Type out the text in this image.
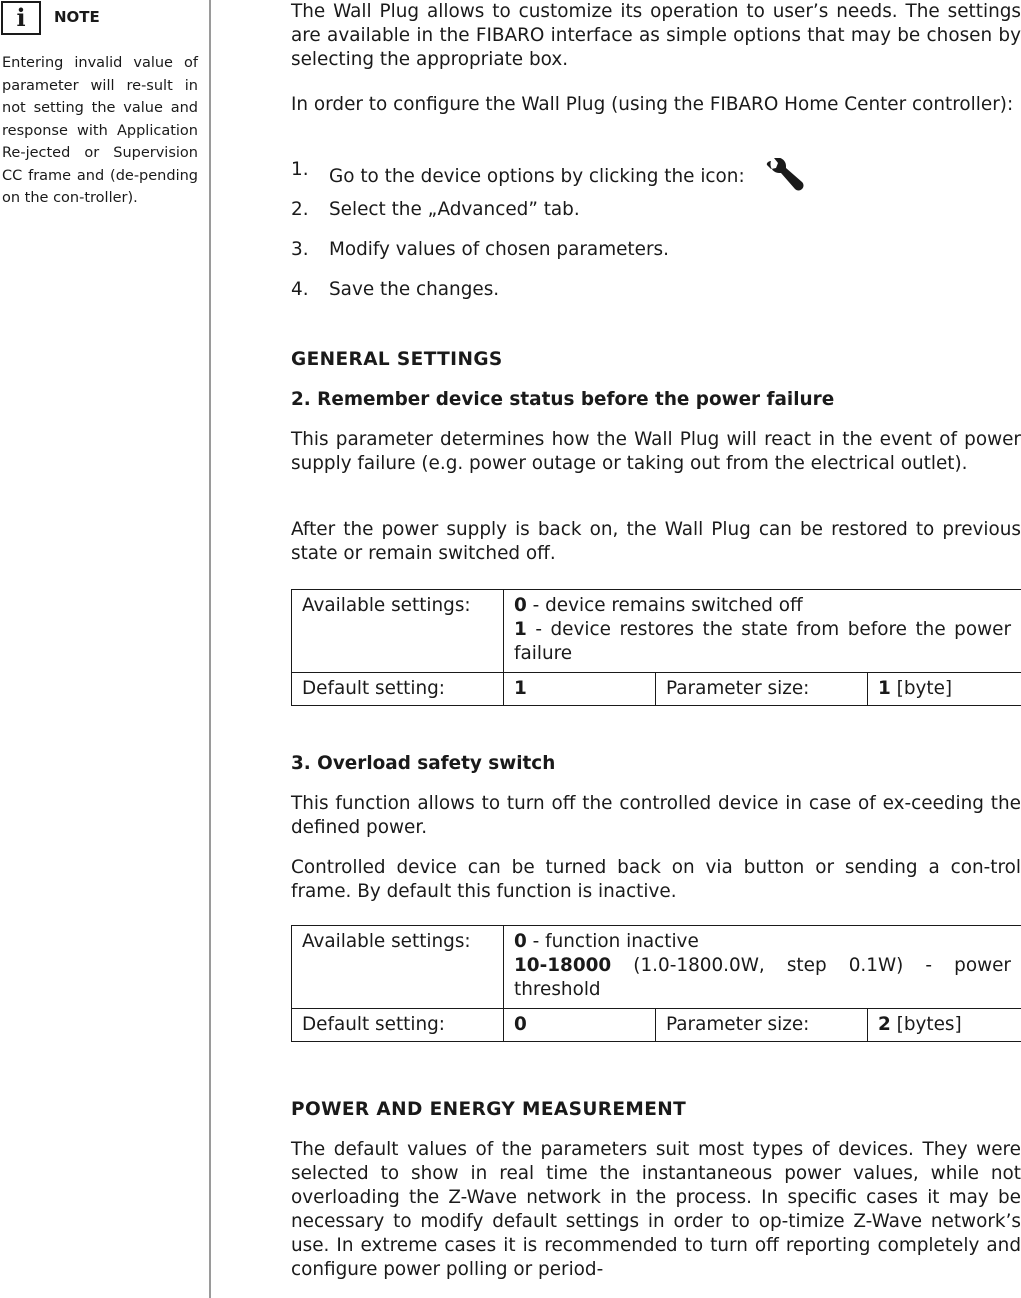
i	NOTE

Entering invalid value of parameter will re-sult in not setting the value and response with Application Re-jected or Supervision CC frame and (de-pending on the con-troller).

The Wall Plug allows to customize its operation to user’s needs. The settings are available in the FIBARO interface as simple options that may be chosen by selecting the appropriate box.

In order to configure the Wall Plug (using the FIBARO Home Center controller):

1. Go to the device options by clicking the icon:
2. Select the „Advanced” tab.
3. Modify values of chosen parameters.
4. Save the changes.
GENERAL SETTINGS
2. Remember device status before the power failure

This parameter determines how the Wall Plug will react in the event of power supply failure (e.g. power outage or taking out from the electrical outlet).

After the power supply is back on, the Wall Plug can be restored to previous state or remain switched off.

Available settings:	0 - device remains switched off

1 - device restores the state from before the power failure		

Default setting:	1	Parameter size:	1 [byte]
3. Overload safety switch

This function allows to turn off the controlled device in case of ex-ceeding the defined power.

Controlled device can be turned back on via button or sending a con-trol frame. By default this function is inactive.

Available settings:	0 - function inactive

10-18000 (1.0-1800.0W, step 0.1W) - power threshold		

Default setting:	0	Parameter size:	2 [bytes]
POWER AND ENERGY MEASUREMENT

The default values of the parameters suit most types of devices. They were selected to show in real time the instantaneous power values, while not overloading the Z-Wave network in the process. In specific cases it may be necessary to modify default settings in order to op-timize Z-Wave network’s use. In extreme cases it is recommended to turn off reporting completely and configure power polling or period-
